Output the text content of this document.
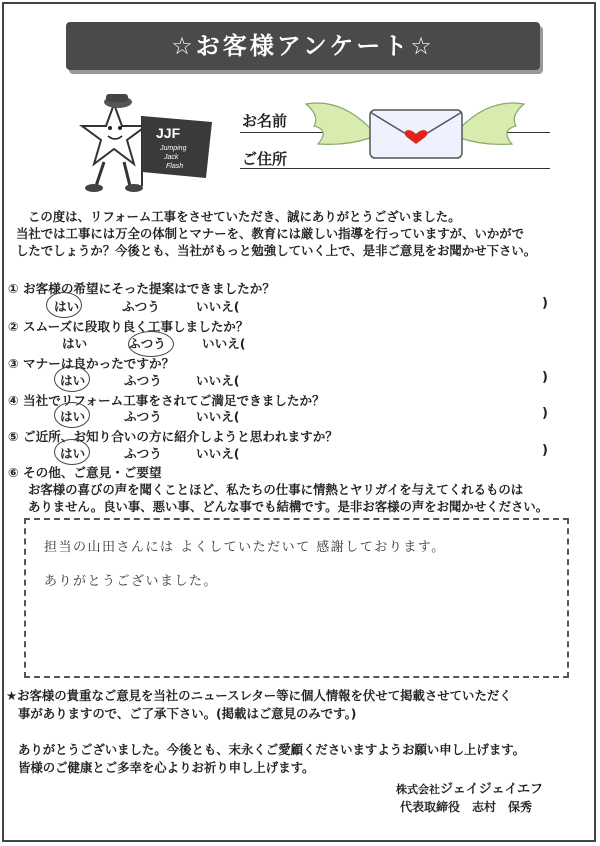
☆お客様アンケート☆
JJF
Jumping
Jack
Flash
お名前
ご住所
この度は、リフォーム工事をさせていただき、誠にありがとうございました。
当社では工事には万全の体制とマナーを、教育には厳しい指導を行っていますが、いかがで
したでしょうか？今後とも、当社がもっと勉強していく上で、是非ご意見をお聞かせ下さい。
① お客様の希望にそった提案はできましたか？
はい	ふつう	いいえ(	)
② スムーズに段取り良く工事しましたか？
はい	ふつう	いいえ(
③ マナーは良かったですか？
はい	ふつう	いいえ(	)
④ 当社でリフォーム工事をされてご満足できましたか？
はい	ふつう	いいえ(	)
⑤ ご近所、お知り合いの方に紹介しようと思われますか？
はい	ふつう	いいえ(	)
⑥ その他、ご意見・ご要望
お客様の喜びの声を聞くことほど、私たちの仕事に情熱とヤリガイを与えてくれるものは
ありません。良い事、悪い事、どんな事でも結構です。是非お客様の声をお聞かせください。
担当の山田さんには よくしていただいて 感謝しております。
ありがとうございました。
★お客様の貴重なご意見を当社のニュースレター等に個人情報を伏せて掲載させていただく
事がありますので、ご了承下さい。(掲載はご意見のみです。)
ありがとうございました。今後とも、末永くご愛顧くださいますようお願い申し上げます。
皆様のご健康とご多幸を心よりお祈り申し上げます。
株式会社ジェイジェイエフ
代表取締役　志村　保秀
